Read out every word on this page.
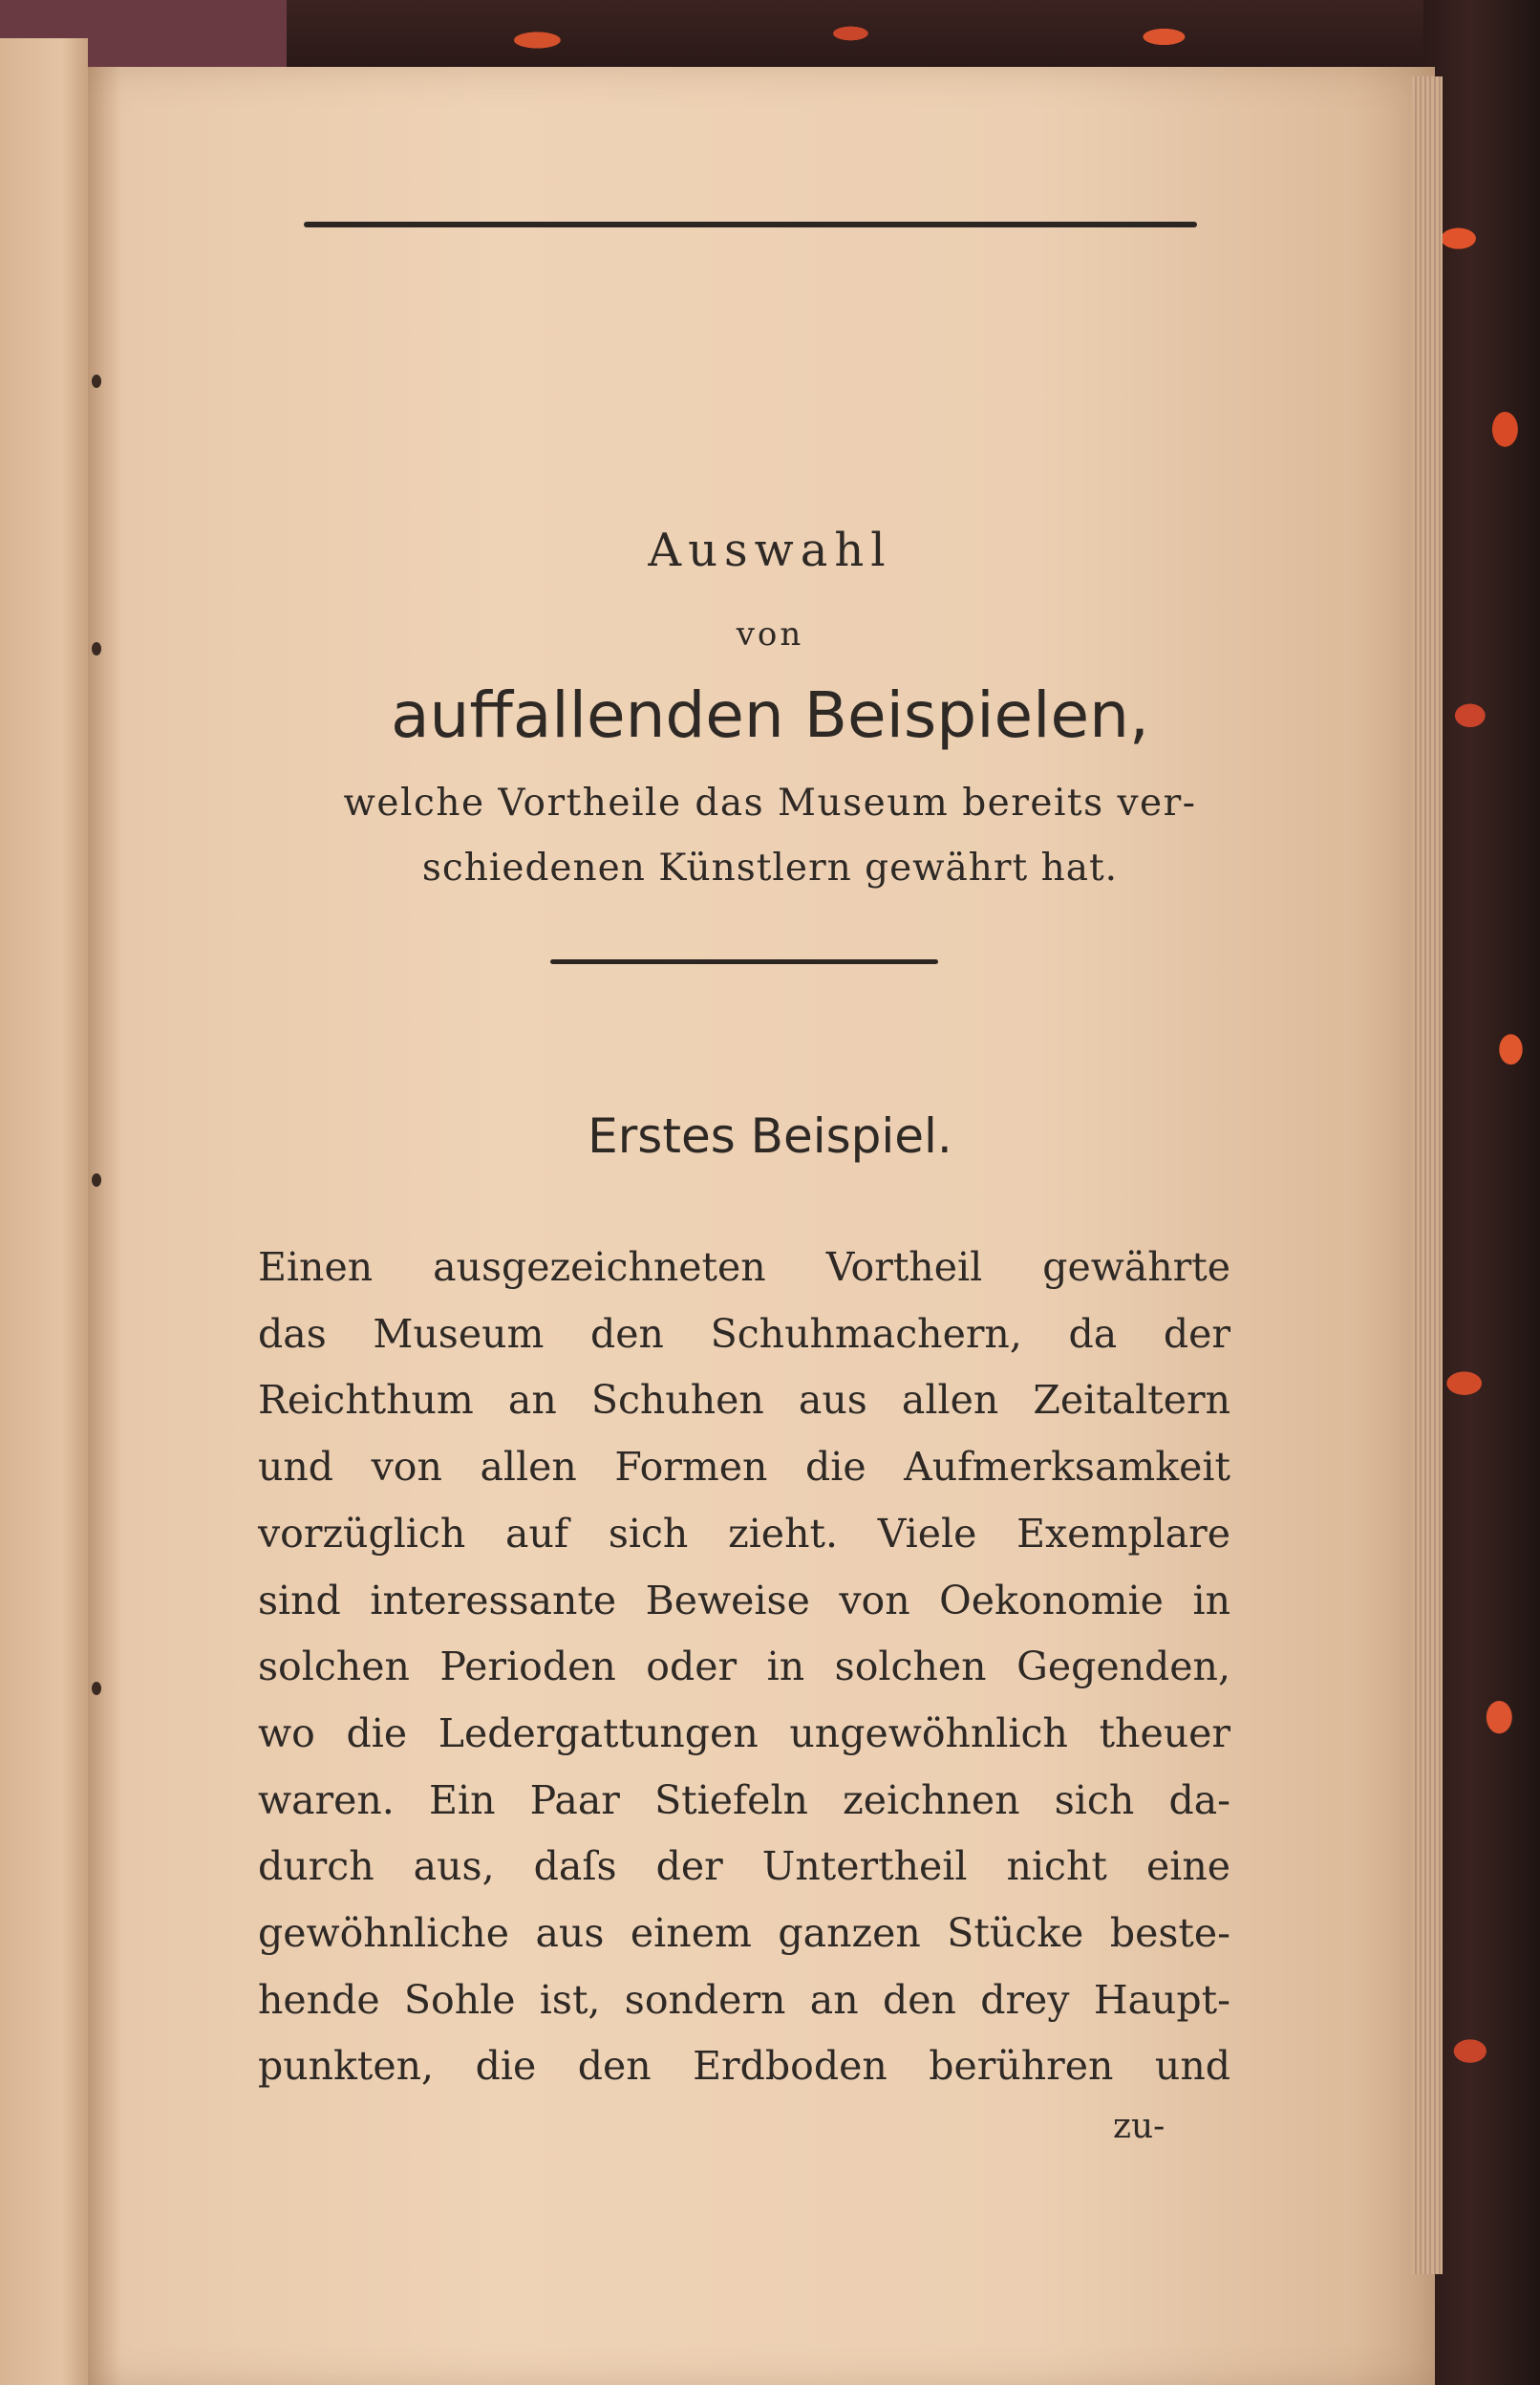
Auswahl
von
auffallenden Beispielen,
welche Vortheile das Museum bereits ver-
schiedenen Künstlern gewährt hat.
Erstes Beispiel.
Einen ausgezeichneten Vortheil gewährte
das Museum den Schuhmachern, da der
Reichthum an Schuhen aus allen Zeitaltern
und von allen Formen die Aufmerksamkeit
vorzüglich auf sich zieht. Viele Exemplare
sind interessante Beweise von Oekonomie in
solchen Perioden oder in solchen Gegenden,
wo die Ledergattungen ungewöhnlich theuer
waren. Ein Paar Stiefeln zeichnen sich da-
durch aus, daſs der Untertheil nicht eine
gewöhnliche aus einem ganzen Stücke beste-
hende Sohle ist, sondern an den drey Haupt-
punkten, die den Erdboden berühren und
zu-
